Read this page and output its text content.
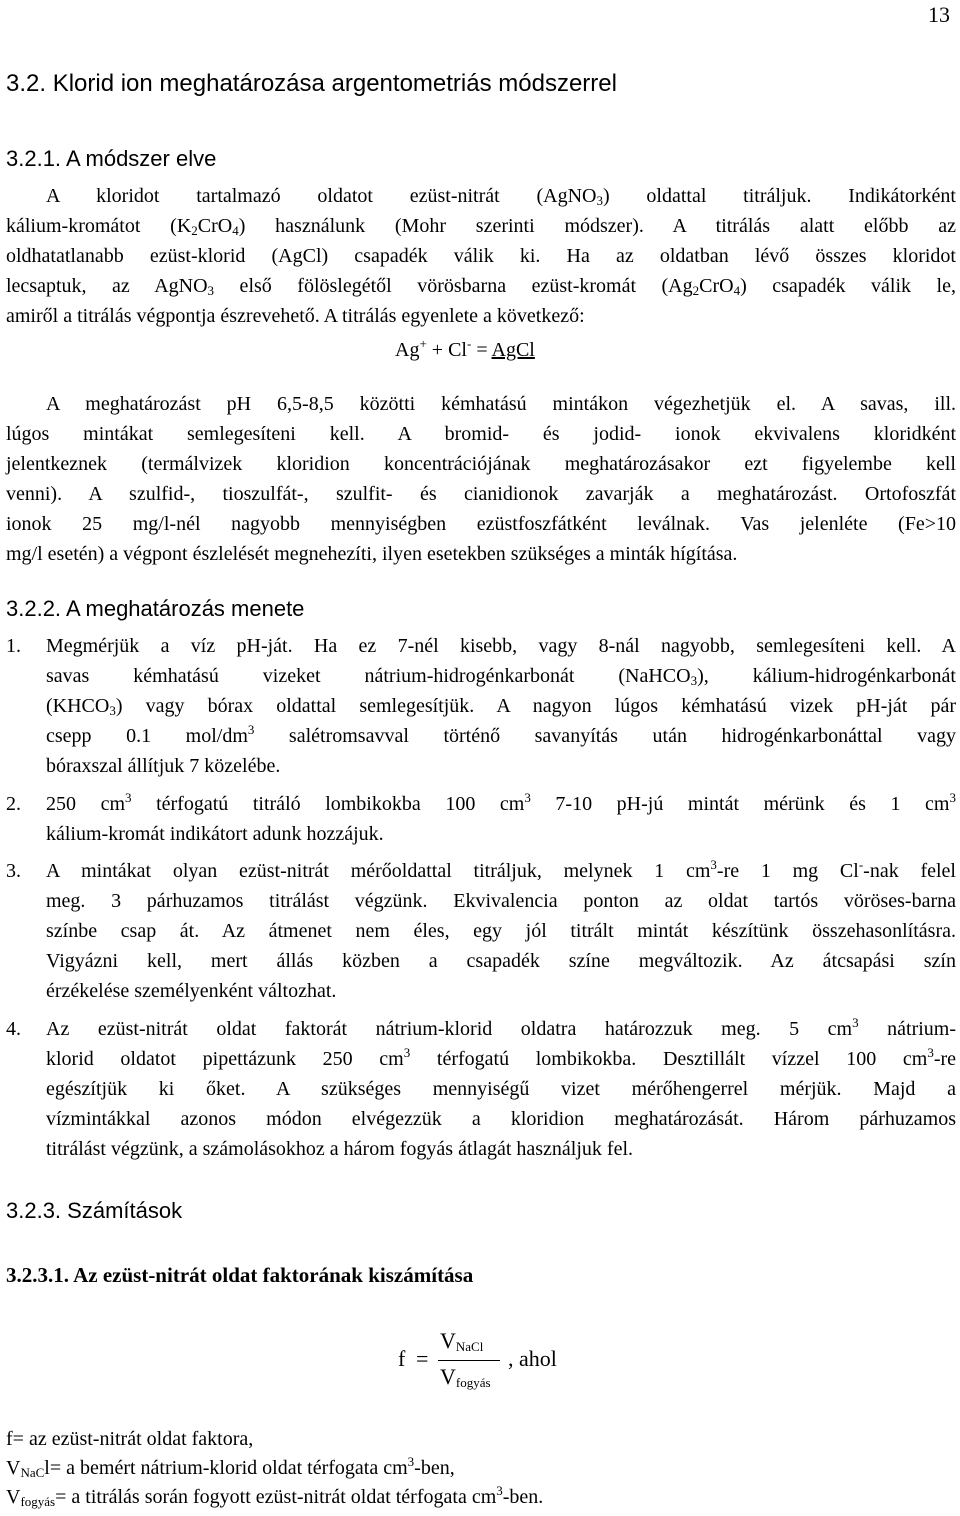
13
3.2. Klorid ion meghatározása argentometriás módszerrel
3.2.1. A módszer elve
A kloridot tartalmazó oldatot ezüst-nitrát (AgNO$_3$) oldattal titráljuk. Indikátorként
kálium-kromátot $(K_2CrO_4)$ használunk (Mohr szerinti módszer). A titrálás alatt előbb az
oldhatatlanabb ezüst-klorid (AgCl) csapadék válik ki. Ha az oldatban lévő összes kloridot
lecsaptuk, az AgNO$_3$ első fölöslegétől vörösbarna ezüst-kromát $(Ag_2CrO_4)$ csapadék válik le,
amiről a titrálás végpontja észrevehető. A titrálás egyenlete a következő:
Ag+ + Cl- = AgCl
A meghatározást pH 6,5-8,5 közötti kémhatású mintákon végezhetjük el. A savas, ill.
lúgos mintákat semlegesíteni kell. A bromid- és jodid- ionok ekvivalens kloridként
jelentkeznek (termálvizek kloridion koncentrációjának meghatározásakor ezt figyelembe kell
venni). A szulfid-, tioszulfát-, szulfit- és cianidionok zavarják a meghatározást. Ortofoszfát
ionok 25 mg/l-nél nagyobb mennyiségben ezüstfoszfátként leválnak. Vas jelenléte (Fe>10
mg/l esetén) a végpont észlelését megnehezíti, ilyen esetekben szükséges a minták hígítása.
3.2.2. A meghatározás menete
1. Megmérjük a víz pH-ját. Ha ez 7-nél kisebb, vagy 8-nál nagyobb, semlegesíteni kell. A
savas kémhatású vizeket nátrium-hidrogénkarbonát (NaHCO$_3$), kálium-hidrogénkarbonát
$(KHCO_3)$ vagy bórax oldattal semlegesítjük. A nagyon lúgos kémhatású vizek pH-ját pár
csepp 0.1 mol/$dm^3$ salétromsavval történő savanyítás után hidrogénkarbonáttal vagy
bóraxszal állítjuk 7 közelébe.
2. 250 $cm^3$ térfogatú titráló lombikokba 100 $cm^3$ 7-10 pH-jú mintát mérünk és 1 $cm^3$
kálium-kromát indikátort adunk hozzájuk.
3. A mintákat olyan ezüst-nitrát mérőoldattal titráljuk, melynek 1 $cm^3-re$ 1 mg Cl--nak felel
meg. 3 párhuzamos titrálást végzünk. Ekvivalencia ponton az oldat tartós vöröses-barna
színbe csap át. Az átmenet nem éles, egy jól titrált mintát készítünk összehasonlításra.
Vigyázni kell, mert állás közben a csapadék színe megváltozik. Az átcsapási szín
érzékelése személyenként változhat.
4. Az ezüst-nitrát oldat faktorát nátrium-klorid oldatra határozzuk meg. 5 $cm^3$ nátrium-
klorid oldatot pipettázunk 250 $cm^3$ térfogatú lombikokba. Desztillált vízzel 100 $cm^3-re$
egészítjük ki őket. A szükséges mennyiségű vizet mérőhengerrel mérjük. Majd a
vízmintákkal azonos módon elvégezzük a kloridion meghatározását. Három párhuzamos
titrálást végzünk, a számolásokhoz a három fogyás átlagát használjuk fel.
3.2.3. Számítások
3.2.3.1. Az ezüst-nitrát oldat faktorának kiszámítása
f =
$V_{NaCl}$
$V_{fogyás}$
, ahol
f= az ezüst-nitrát oldat faktora,
$V_{NaC}l= a$ bemért nátrium-klorid oldat térfogata $cm^3$-ben,
$V_{fogyás}= a$ titrálás során fogyott ezüst-nitrát oldat térfogata $cm^3$-ben.
